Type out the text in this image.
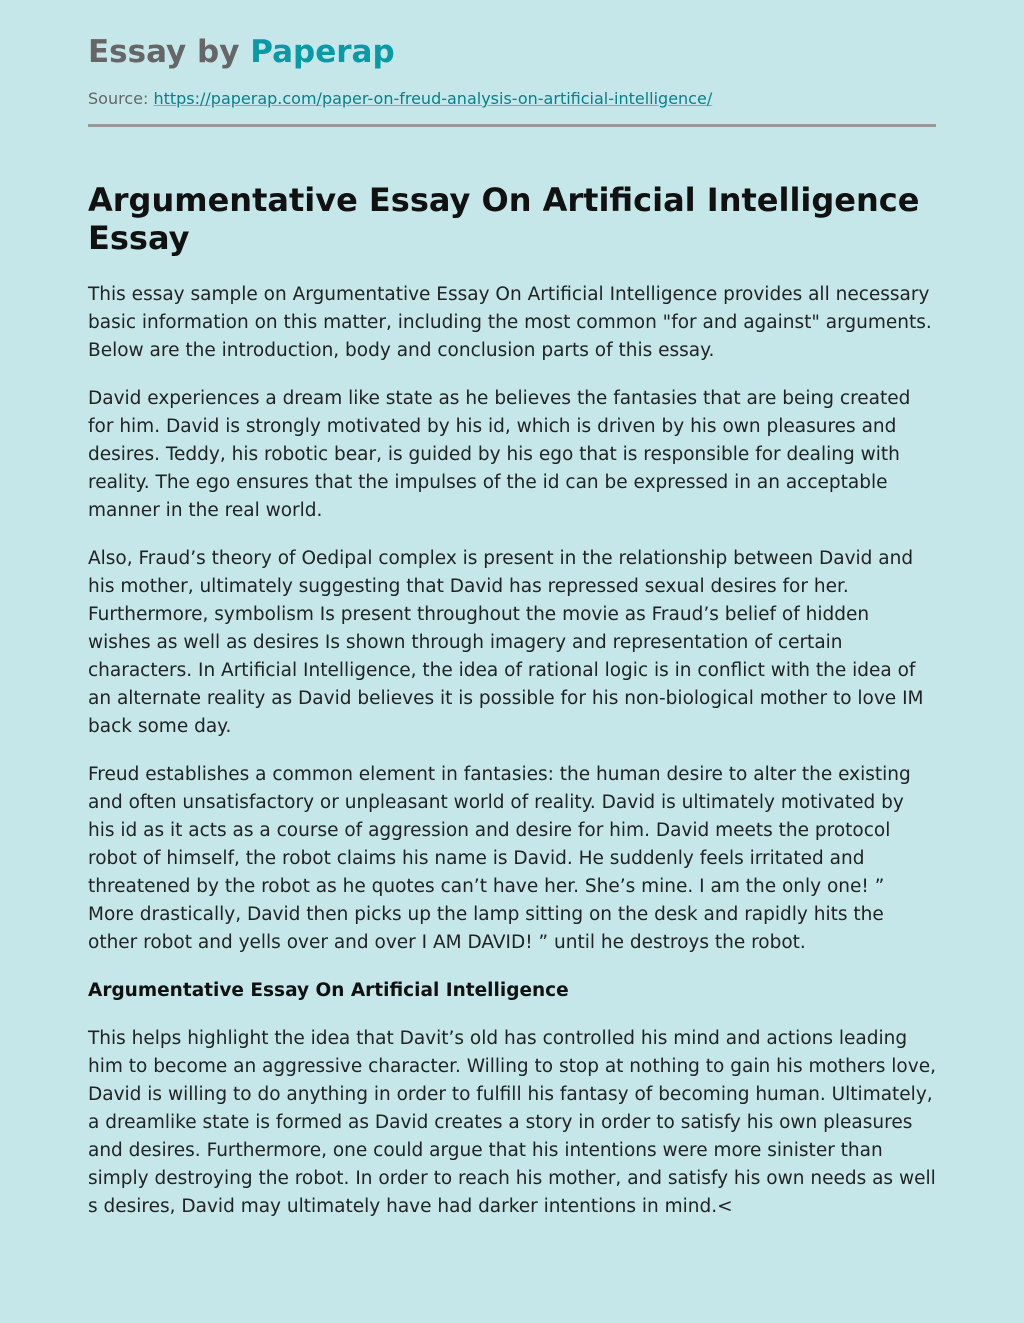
Essay by Paperap
Source: https://paperap.com/paper-on-freud-analysis-on-artificial-intelligence/
Argumentative Essay On Artificial Intelligence Essay

This essay sample on Argumentative Essay On Artificial Intelligence provides all necessary basic information on this matter, including the most common "for and against" arguments. Below are the introduction, body and conclusion parts of this essay.

David experiences a dream like state as he believes the fantasies that are being created for him. David is strongly motivated by his id, which is driven by his own pleasures and desires. Teddy, his robotic bear, is guided by his ego that is responsible for dealing with reality. The ego ensures that the impulses of the id can be expressed in an acceptable manner in the real world.

Also, Fraud’s theory of Oedipal complex is present in the relationship between David and his mother, ultimately suggesting that David has repressed sexual desires for her. Furthermore, symbolism Is present throughout the movie as Fraud’s belief of hidden wishes as well as desires Is shown through imagery and representation of certain characters. In Artificial Intelligence, the idea of rational logic is in conflict with the idea of an alternate reality as David believes it is possible for his non-biological mother to love IM back some day.

Freud establishes a common element in fantasies: the human desire to alter the existing and often unsatisfactory or unpleasant world of reality. David is ultimately motivated by his id as it acts as a course of aggression and desire for him. David meets the protocol robot of himself, the robot claims his name is David. He suddenly feels irritated and threatened by the robot as he quotes can’t have her. She’s mine. I am the only one! ” More drastically, David then picks up the lamp sitting on the desk and rapidly hits the other robot and yells over and over I AM DAVID! ” until he destroys the robot.

Argumentative Essay On Artificial Intelligence

This helps highlight the idea that Davit’s old has controlled his mind and actions leading him to become an aggressive character. Willing to stop at nothing to gain his mothers love, David is willing to do anything in order to fulfill his fantasy of becoming human. Ultimately, a dreamlike state is formed as David creates a story in order to satisfy his own pleasures and desires. Furthermore, one could argue that his intentions were more sinister than simply destroying the robot. In order to reach his mother, and satisfy his own needs as well s desires, David may ultimately have had darker intentions in mind.<
